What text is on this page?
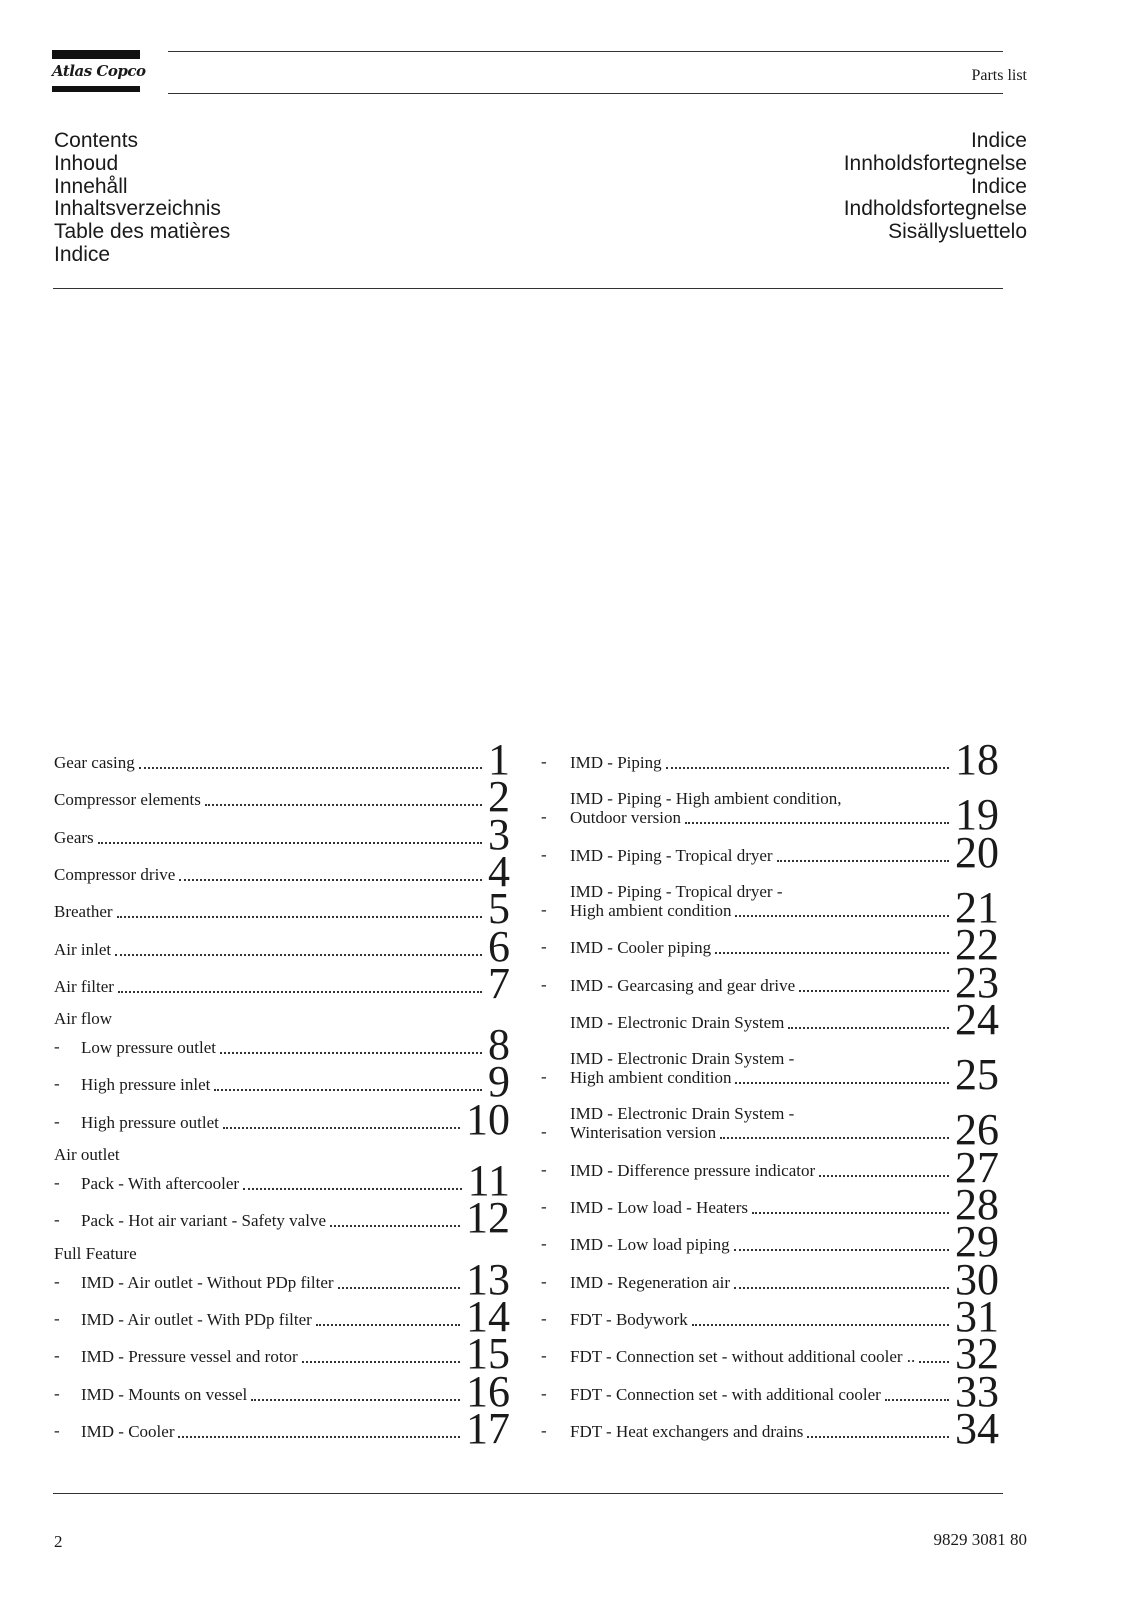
Atlas Copco	Parts list
Contents
Inhoud
Innehåll
Inhaltsverzeichnis
Table des matières
Indice
Indice
Innholdsfortegnelse
Indice
Indholdsfortegnelse
Sisällysluettelo
Gear casing	1
Compressor elements	2
Gears	3
Compressor drive	4
Breather	5
Air inlet	6
Air filter	7
Air flow
- Low pressure outlet	8
- High pressure inlet	9
- High pressure outlet	10
Air outlet
- Pack - With aftercooler	11
- Pack - Hot air variant - Safety valve	12
Full Feature
- IMD - Air outlet - Without PDp filter	13
- IMD - Air outlet - With PDp filter	14
- IMD - Pressure vessel and rotor	15
- IMD - Mounts on vessel	16
- IMD - Cooler	17
- IMD - Piping	18
-
IMD - Piping - High ambient condition,
Outdoor version	19
- IMD - Piping - Tropical dryer	20
-
IMD - Piping - Tropical dryer -
High ambient condition	21
- IMD - Cooler piping	22
- IMD - Gearcasing and gear drive	23
IMD - Electronic Drain System	24
-
IMD - Electronic Drain System -
High ambient condition	25
-
IMD - Electronic Drain System -
Winterisation version	26
- IMD - Difference pressure indicator	27
- IMD - Low load - Heaters	28
- IMD - Low load piping	29
- IMD - Regeneration air	30
- FDT - Bodywork	31
- FDT - Connection set - without additional cooler .. 32
- FDT - Connection set - with additional cooler 33
- FDT - Heat exchangers and drains	34
2	9829 3081 80
